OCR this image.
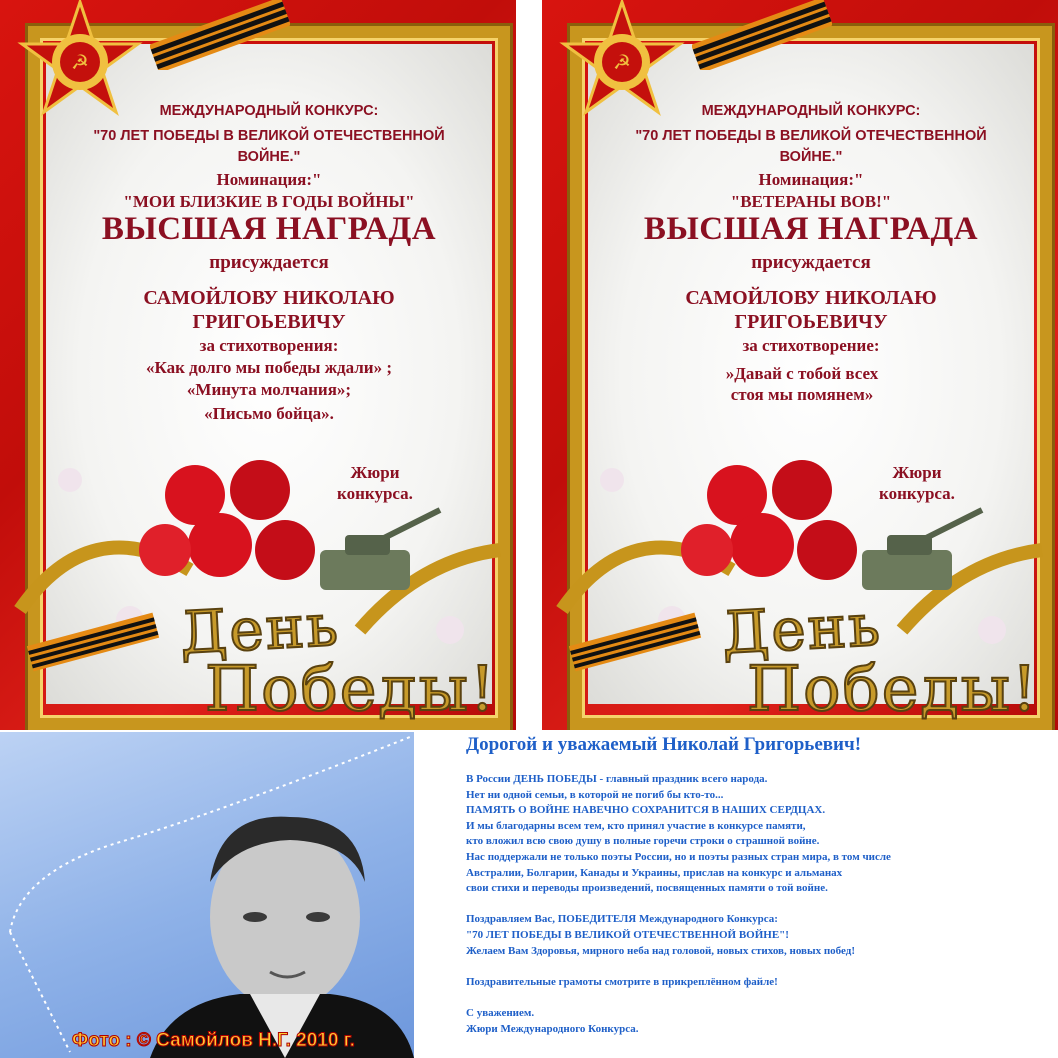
☭
МЕЖДУНАРОДНЫЙ КОНКУРС:
"70 ЛЕТ ПОБЕДЫ В ВЕЛИКОЙ ОТЕЧЕСТВЕННОЙ
ВОЙНЕ."
Номинация:"
"МОИ БЛИЗКИЕ В ГОДЫ ВОЙНЫ"
ВЫСШАЯ НАГРАДА
присуждается
САМОЙЛОВУ НИКОЛАЮ
ГРИГОЬЕВИЧУ
за стихотворения:
«Как долго мы победы ждали» ;
«Минута молчания»;
«Письмо бойца».
Жюри
конкурса.
День
Победы!
☭
МЕЖДУНАРОДНЫЙ КОНКУРС:
"70 ЛЕТ ПОБЕДЫ В ВЕЛИКОЙ ОТЕЧЕСТВЕННОЙ
ВОЙНЕ."
Номинация:"
"ВЕТЕРАНЫ ВОВ!"
ВЫСШАЯ НАГРАДА
присуждается
САМОЙЛОВУ НИКОЛАЮ
ГРИГОЬЕВИЧУ
за стихотворение:
»Давай с тобой всех
стоя мы помянем»
Жюри
конкурса.
День
Победы!
Фото : © Самойлов Н.Г. 2010 г.
Дорогой и уважаемый Николай Григорьевич!

В России ДЕНЬ ПОБЕДЫ - главный праздник всего народа.

Нет ни одной семьи, в которой не погиб бы кто-то...

ПАМЯТЬ О ВОЙНЕ НАВЕЧНО СОХРАНИТСЯ В НАШИХ СЕРДЦАХ.

И мы благодарны всем тем, кто принял участие в конкурсе памяти,

кто вложил всю свою душу в полные горечи строки о страшной войне.

Нас поддержали не только поэты России, но и поэты разных стран мира, в том числе

Австралии, Болгарии, Канады и Украины, прислав на конкурс и альманах

свои стихи и переводы произведений, посвященных памяти о той войне.

Поздравляем Вас, ПОБЕДИТЕЛЯ Международного Конкурса:

"70 ЛЕТ ПОБЕДЫ В ВЕЛИКОЙ ОТЕЧЕСТВЕННОЙ ВОЙНЕ"!

Желаем Вам Здоровья, мирного неба над головой, новых стихов, новых побед!

Поздравительные грамоты смотрите в прикреплённом файле!

С уважением.

Жюри Международного Конкурса.
